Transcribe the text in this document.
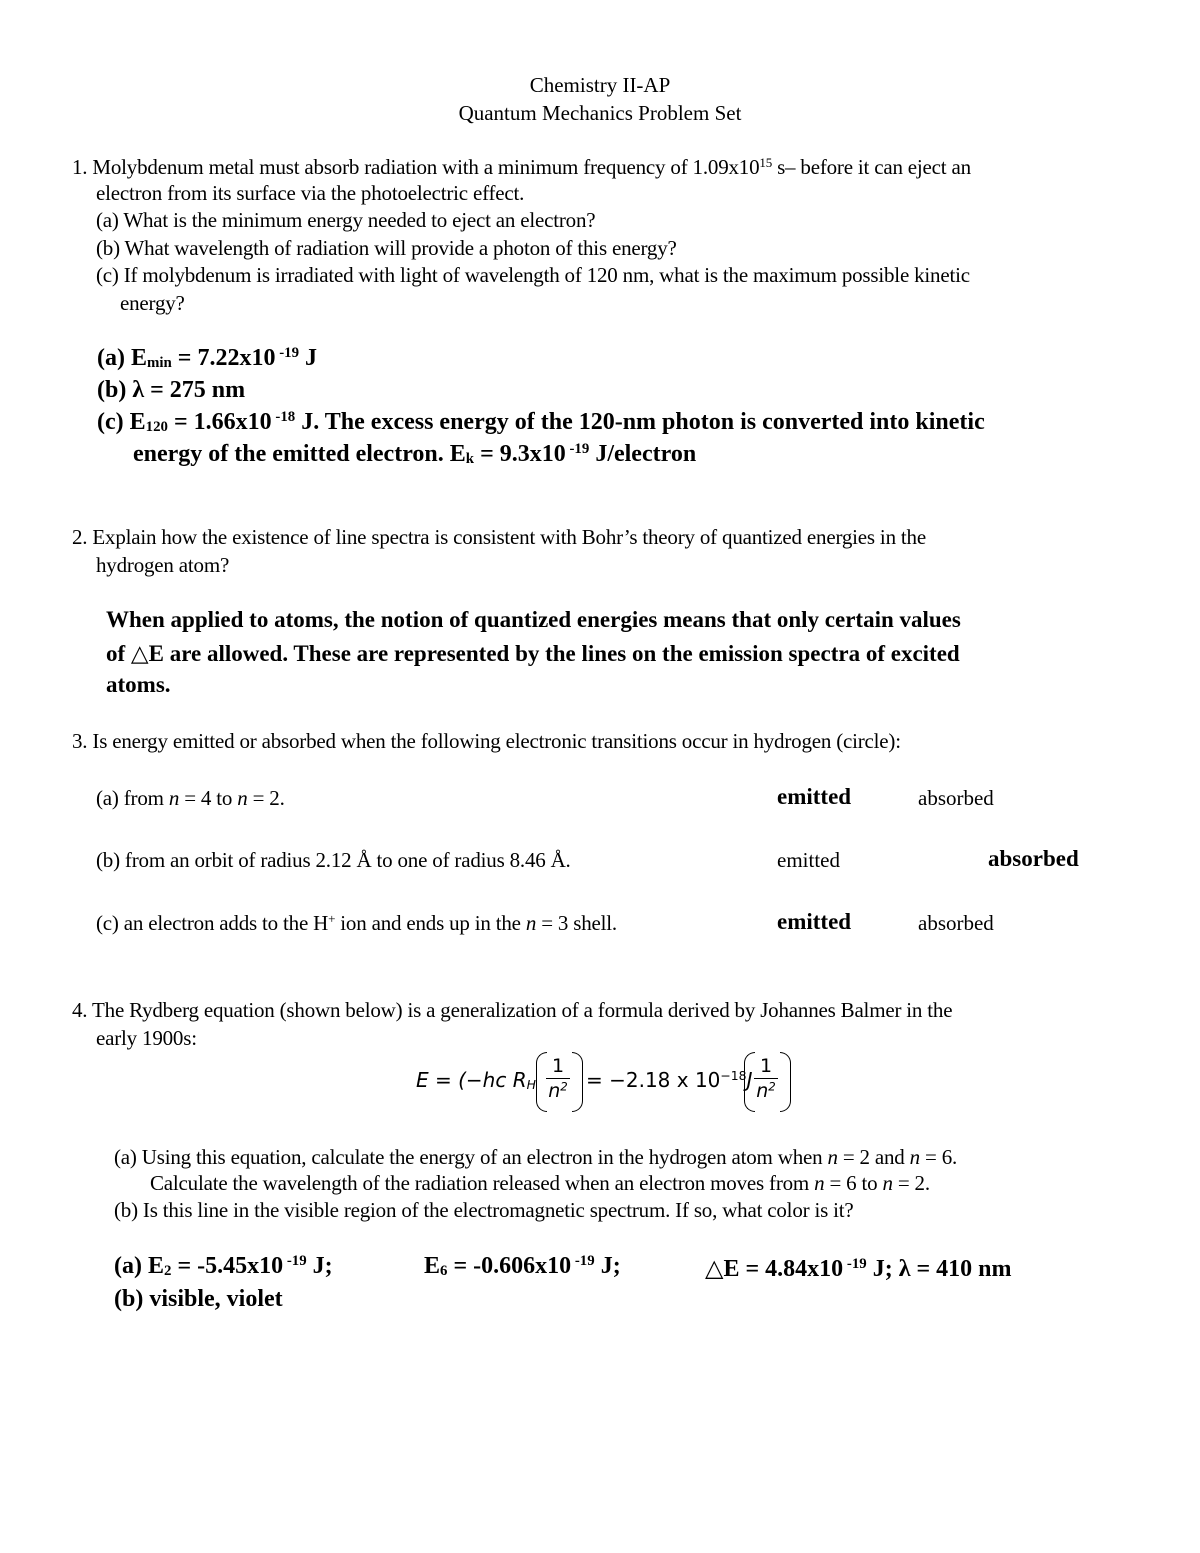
Chemistry II-AP
Quantum Mechanics Problem Set
1. Molybdenum metal must absorb radiation with a minimum frequency of $1.09x10^{15}$ s– before it can eject an
electron from its surface via the photoelectric effect.
(a) What is the minimum energy needed to eject an electron?
(b) What wavelength of radiation will provide a photon of this energy?
(c) If molybdenum is irradiated with light of wavelength of 120 nm, what is the maximum possible kinetic
energy?
(a) $E_{min} = 7.22x10$ $^{-19}$ J
(b) λ = 275 nm
(c) $E_{120} = 1.66x10$ $^{-18}$ J. The excess energy of the 120-nm photon is converted into kinetic
energy of the emitted electron. $E_k = 9.3x10$ $^{-19}$ J/electron
2. Explain how the existence of line spectra is consistent with Bohr’s theory of quantized energies in the
hydrogen atom?
When applied to atoms, the notion of quantized energies means that only certain values
of △E are allowed. These are represented by the lines on the emission spectra of excited
atoms.
3. Is energy emitted or absorbed when the following electronic transitions occur in hydrogen (circle):
(a) from n = 4 to n = 2.	emitted	absorbed
(b) from an orbit of radius 2.12 Å to one of radius 8.46 Å.	emitted	absorbed
(c) an electron adds to the H+ ion and ends up in the n = 3 shell.	emitted	absorbed
4. The Rydberg equation (shown below) is a generalization of a formula derived by Johannes Balmer in the
early 1900s:
E = (−hc $R_H \frac{1}{n^2} = -2.18$ x $10^{-18}J \frac{1}{n^2}$
(a) Using this equation, calculate the energy of an electron in the hydrogen atom when n = 2 and n = 6.
Calculate the wavelength of the radiation released when an electron moves from n = 6 to n = 2.
(b) Is this line in the visible region of the electromagnetic spectrum. If so, what color is it?
(a) $E_2 = -5.45x10$ $^{-19}$ J;	$E_6 = -0.606x10$ $^{-19}$ J;	△E = 4.84x10 $^{-19}$ J; λ = 410 nm
(b) visible, violet
